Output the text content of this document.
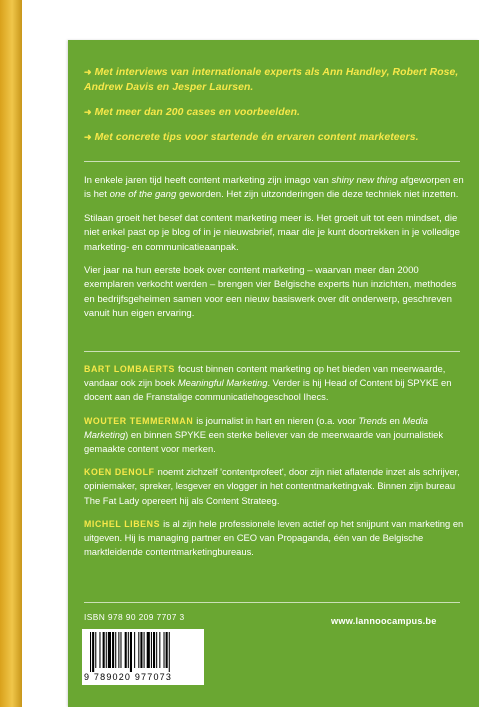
➜ Met interviews van internationale experts als Ann Handley, Robert Rose, Andrew Davis en Jesper Laursen.
➜ Met meer dan 200 cases en voorbeelden.
➜ Met concrete tips voor startende én ervaren content marketeers.

In enkele jaren tijd heeft content marketing zijn imago van shiny new thing afgeworpen en is het one of the gang geworden. Het zijn uitzonderingen die deze techniek niet inzetten.

Stilaan groeit het besef dat content marketing meer is. Het groeit uit tot een mindset, die niet enkel past op je blog of in je nieuwsbrief, maar die je kunt doortrekken in je volledige marketing- en communicatieaanpak.

Vier jaar na hun eerste boek over content marketing – waarvan meer dan 2000 exemplaren verkocht werden – brengen vier Belgische experts hun inzichten, methodes en bedrijfsgeheimen samen voor een nieuw basiswerk over dit onderwerp, geschreven vanuit hun eigen ervaring.

BART LOMBAERTS focust binnen content marketing op het bieden van meerwaarde, vandaar ook zijn boek Meaningful Marketing. Verder is hij Head of Content bij SPYKE en docent aan de Franstalige communicatiehogeschool Ihecs.

WOUTER TEMMERMAN is journalist in hart en nieren (o.a. voor Trends en Media Marketing) en binnen SPYKE een sterke believer van de meerwaarde van journalistiek gemaakte content voor merken.

KOEN DENOLF noemt zichzelf 'contentprofeet', door zijn niet aflatende inzet als schrijver, opiniemaker, spreker, lesgever en vlogger in het contentmarketingvak. Binnen zijn bureau The Fat Lady opereert hij als Content Strateeg.

MICHEL LIBENS is al zijn hele professionele leven actief op het snijpunt van marketing en uitgeven. Hij is managing partner en CEO van Propaganda, één van de Belgische marktleidende contentmarketingbureaus.

ISBN 978 90 209 7707 3	www.lannoocampus.be
9 789020 977073
